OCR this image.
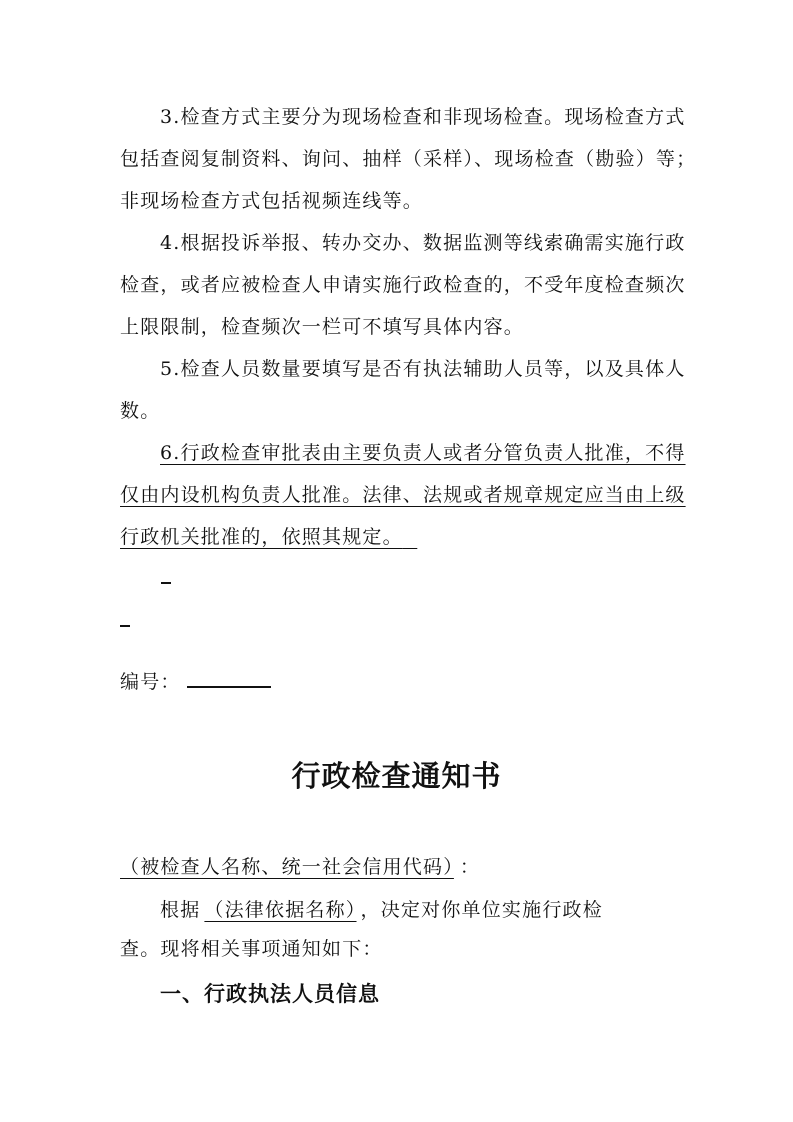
3.检查方式主要分为现场检查和非现场检查。现场检查方式
包括查阅复制资料、询问、抽样（采样）、现场检查（勘验）等；
非现场检查方式包括视频连线等。
4.根据投诉举报、转办交办、数据监测等线索确需实施行政
检查，或者应被检查人申请实施行政检查的，不受年度检查频次
上限限制，检查频次一栏可不填写具体内容。
5.检查人员数量要填写是否有执法辅助人员等，以及具体人
数。
6.行政检查审批表由主要负责人或者分管负责人批准，不得
仅由内设机构负责人批准。法律、法规或者规章规定应当由上级
行政机关批准的，依照其规定。
编号：
行政检查通知书
（被检查人名称、统一社会信用代码） ：
根据 （法律依据名称） ，决定对你单位实施行政检
查。现将相关事项通知如下：
一、行政执法人员信息
